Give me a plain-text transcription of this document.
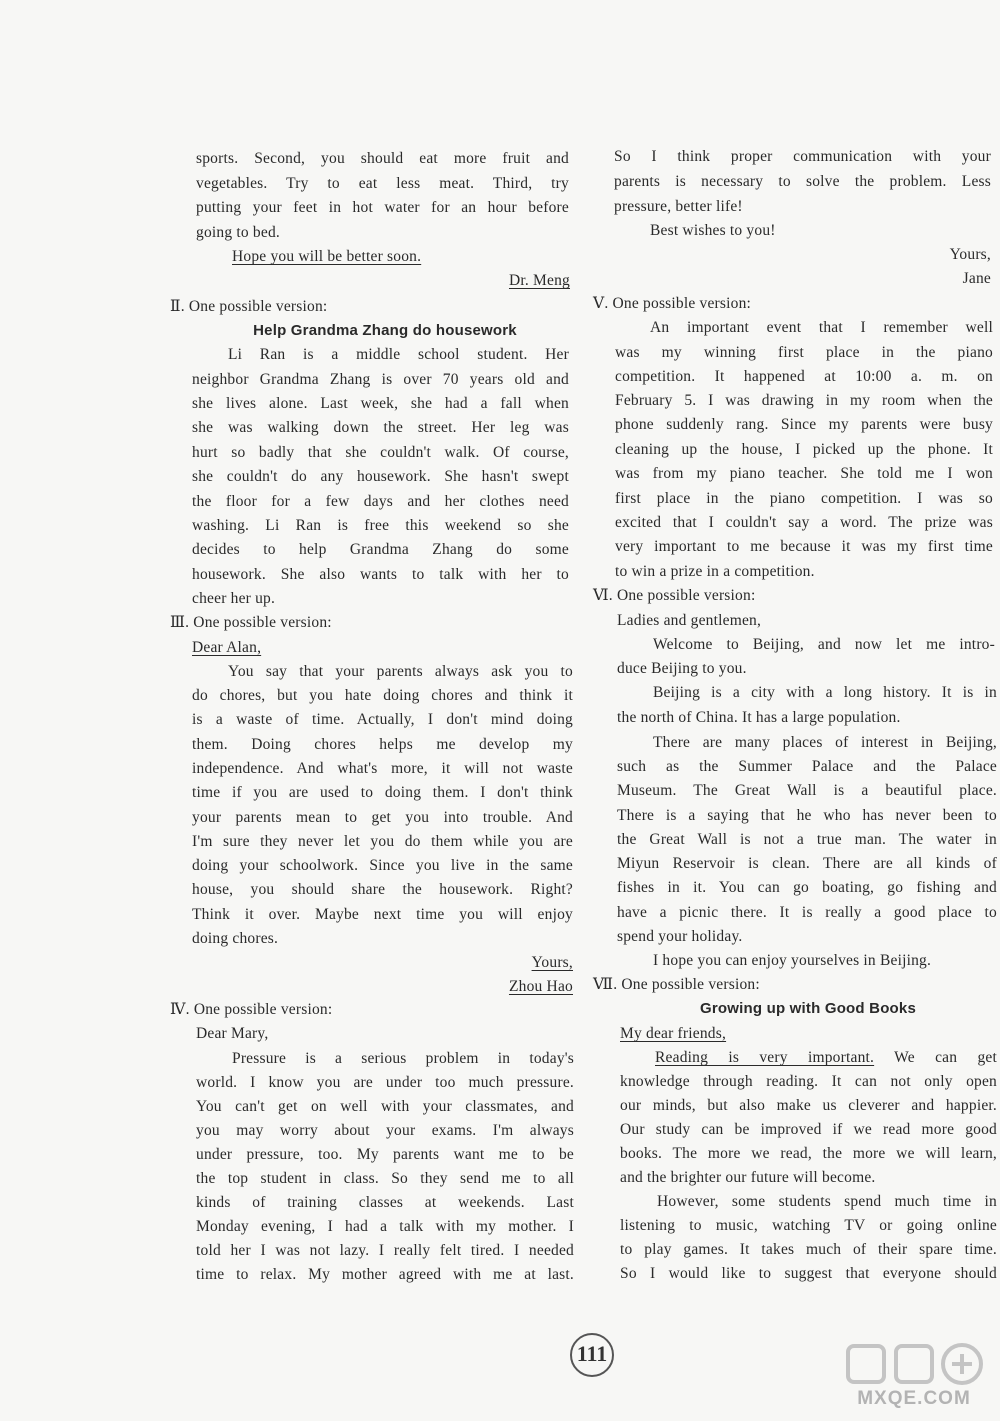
sports. Second, you should eat more fruit and
vegetables. Try to eat less meat. Third, try
putting your feet in hot water for an hour before
going to bed.
Hope you will be better soon.
Dr. Meng
Ⅱ. One possible version:
Help Grandma Zhang do housework
Li Ran is a middle school student. Her
neighbor Grandma Zhang is over 70 years old and
she lives alone. Last week, she had a fall when
she was walking down the street. Her leg was
hurt so badly that she couldn't walk. Of course,
she couldn't do any housework. She hasn't swept
the floor for a few days and her clothes need
washing. Li Ran is free this weekend so she
decides to help Grandma Zhang do some
housework. She also wants to talk with her to
cheer her up.
Ⅲ. One possible version:
Dear Alan,
You say that your parents always ask you to
do chores, but you hate doing chores and think it
is a waste of time. Actually, I don't mind doing
them. Doing chores helps me develop my
independence. And what's more, it will not waste
time if you are used to doing them. I don't think
your parents mean to get you into trouble. And
I'm sure they never let you do them while you are
doing your schoolwork. Since you live in the same
house, you should share the housework. Right?
Think it over. Maybe next time you will enjoy
doing chores.
Yours,
Zhou Hao
Ⅳ. One possible version:
Dear Mary,
Pressure is a serious problem in today's
world. I know you are under too much pressure.
You can't get on well with your classmates, and
you may worry about your exams. I'm always
under pressure, too. My parents want me to be
the top student in class. So they send me to all
kinds of training classes at weekends. Last
Monday evening, I had a talk with my mother. I
told her I was not lazy. I really felt tired. I needed
time to relax. My mother agreed with me at last.
So I think proper communication with your
parents is necessary to solve the problem. Less
pressure, better life!
Best wishes to you!
Yours,
Jane
Ⅴ. One possible version:
An important event that I remember well
was my winning first place in the piano
competition. It happened at 10:00 a. m. on
February 5. I was drawing in my room when the
phone suddenly rang. Since my parents were busy
cleaning up the house, I picked up the phone. It
was from my piano teacher. She told me I won
first place in the piano competition. I was so
excited that I couldn't say a word. The prize was
very important to me because it was my first time
to win a prize in a competition.
Ⅵ. One possible version:
Ladies and gentlemen,
Welcome to Beijing, and now let me intro-
duce Beijing to you.
Beijing is a city with a long history. It is in
the north of China. It has a large population.
There are many places of interest in Beijing,
such as the Summer Palace and the Palace
Museum. The Great Wall is a beautiful place.
There is a saying that he who has never been to
the Great Wall is not a true man. The water in
Miyun Reservoir is clean. There are all kinds of
fishes in it. You can go boating, go fishing and
have a picnic there. It is really a good place to
spend your holiday.
I hope you can enjoy yourselves in Beijing.
Ⅶ. One possible version:
Growing up with Good Books
My dear friends,
Reading is very important. We can get
knowledge through reading. It can not only open
our minds, but also make us cleverer and happier.
Our study can be improved if we read more good
books. The more we read, the more we will learn,
and the brighter our future will become.
However, some students spend much time in
listening to music, watching TV or going online
to play games. It takes much of their spare time.
So I would like to suggest that everyone should
111
MXQE.COM
